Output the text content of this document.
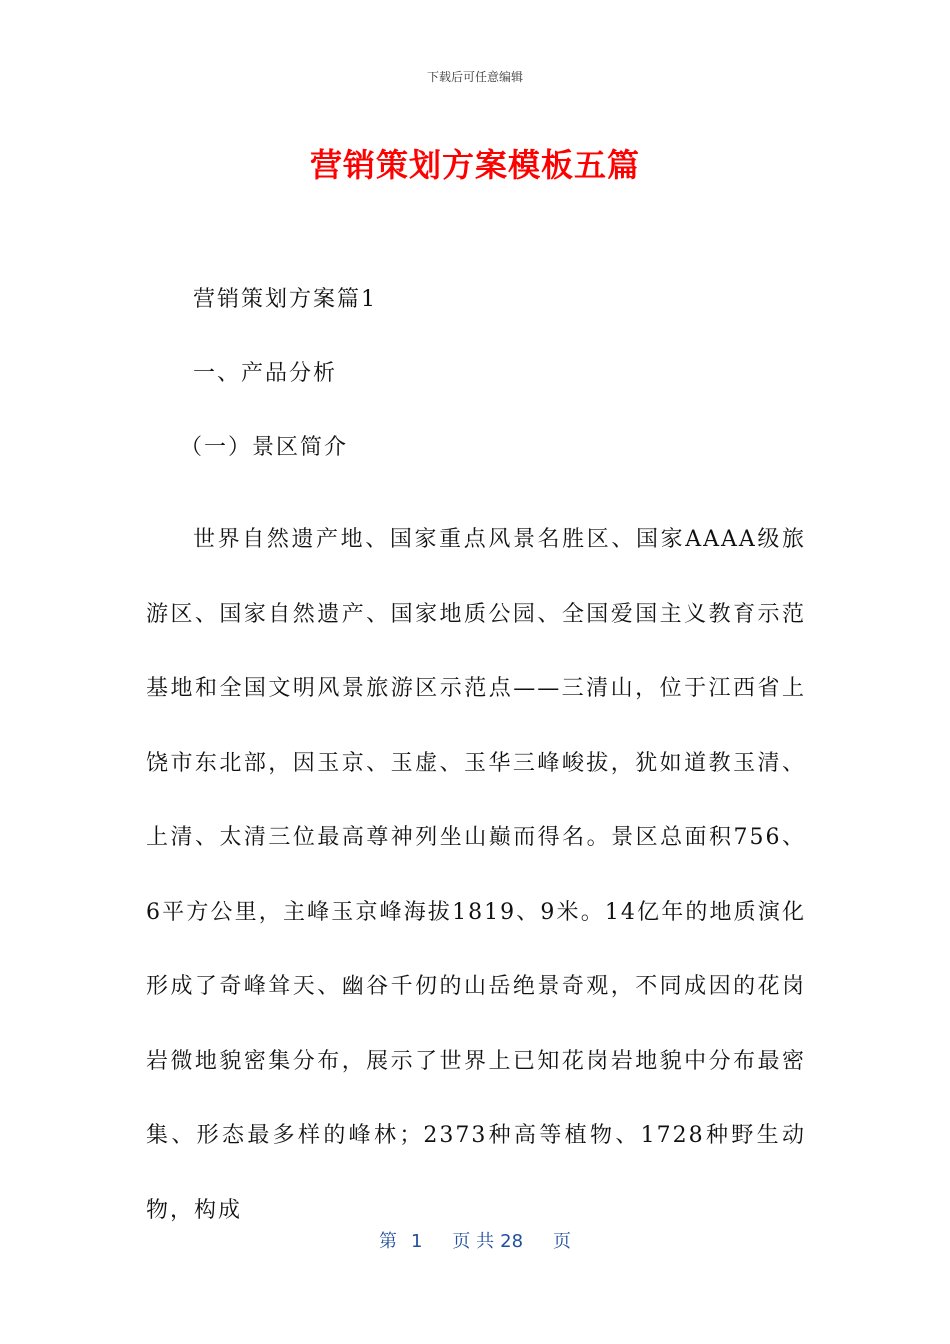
下载后可任意编辑
营销策划方案模板五篇
营销策划方案篇1
一、产品分析
（一）景区简介

世界自然遗产地、国家重点风景名胜区、国家AAAA级旅游区、国家自然遗产、国家地质公园、全国爱国主义教育示范基地和全国文明风景旅游区示范点——三清山，位于江西省上饶市东北部，因玉京、玉虚、玉华三峰峻拔，犹如道教玉清、上清、太清三位最高尊神列坐山巅而得名。景区总面积756、6平方公里，主峰玉京峰海拔1819、9米。14亿年的地质演化形成了奇峰耸天、幽谷千仞的山岳绝景奇观，不同成因的花岗岩微地貌密集分布，展示了世界上已知花岗岩地貌中分布最密集、形态最多样的峰林；2373种高等植物、1728种野生动物，构成

第 1 页 共 28 页
